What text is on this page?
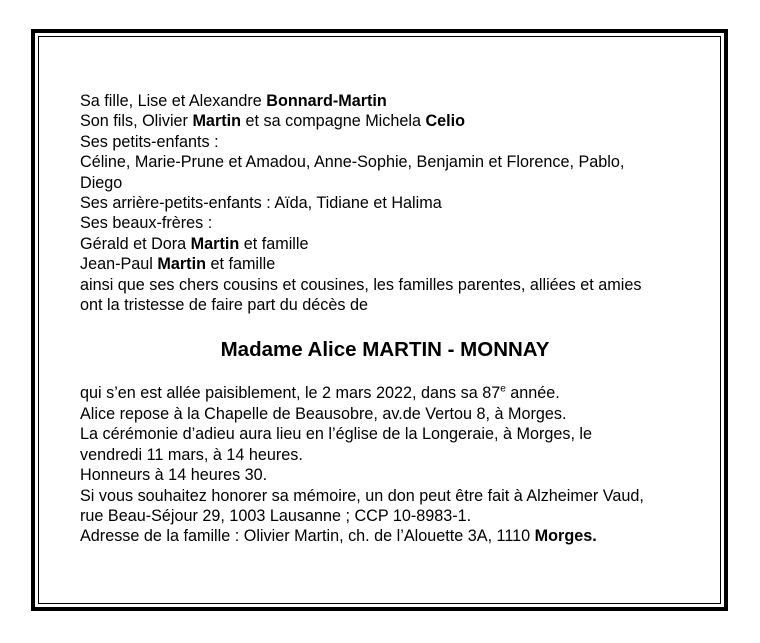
Sa fille, Lise et Alexandre Bonnard-Martin

Son fils, Olivier Martin et sa compagne Michela Celio

Ses petits-enfants :

Céline, Marie-Prune et Amadou, Anne-Sophie, Benjamin et Florence, Pablo,

Diego

Ses arrière-petits-enfants : Aïda, Tidiane et Halima

Ses beaux-frères :

Gérald et Dora Martin et famille

Jean-Paul Martin et famille

ainsi que ses chers cousins et cousines, les familles parentes, alliées et amies

ont la tristesse de faire part du décès de

Madame Alice MARTIN - MONNAY

qui s’en est allée paisiblement, le 2 mars 2022, dans sa 87e année.

Alice repose à la Chapelle de Beausobre, av.de Vertou 8, à Morges.

La cérémonie d’adieu aura lieu en l’église de la Longeraie, à Morges, le

vendredi 11 mars, à 14 heures.

Honneurs à 14 heures 30.

Si vous souhaitez honorer sa mémoire, un don peut être fait à Alzheimer Vaud,

rue Beau-Séjour 29, 1003 Lausanne ; CCP 10-8983-1.

Adresse de la famille : Olivier Martin, ch. de l’Alouette 3A, 1110 Morges.
